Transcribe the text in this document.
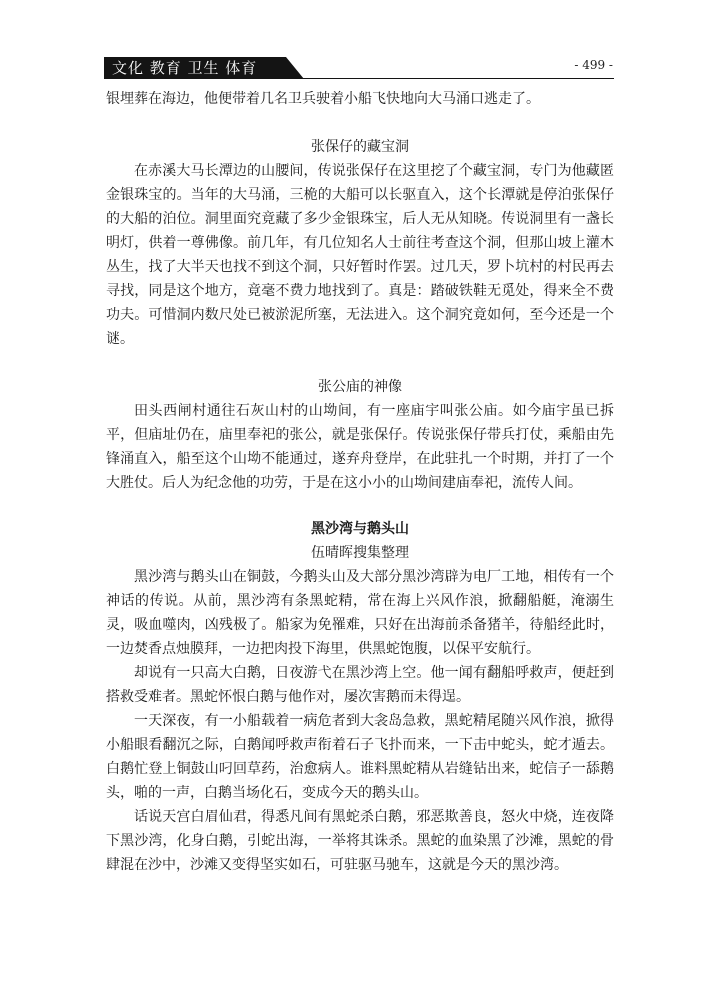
文化 教育 卫生 体育	- 499 -

银埋葬在海边，他便带着几名卫兵驶着小船飞快地向大马涌口逃走了。

张保仔的藏宝洞

在赤溪大马长潭边的山腰间，传说张保仔在这里挖了个藏宝洞，专门为他藏匿金银珠宝的。当年的大马涌，三桅的大船可以长驱直入，这个长潭就是停泊张保仔的大船的泊位。洞里面究竟藏了多少金银珠宝，后人无从知晓。传说洞里有一盏长明灯，供着一尊佛像。前几年，有几位知名人士前往考查这个洞，但那山坡上灌木丛生，找了大半天也找不到这个洞，只好暂时作罢。过几天，罗卜坑村的村民再去寻找，同是这个地方，竟毫不费力地找到了。真是：踏破铁鞋无觅处，得来全不费功夫。可惜洞内数尺处已被淤泥所塞，无法进入。这个洞究竟如何，至今还是一个谜。

张公庙的神像

田头西闸村通往石灰山村的山坳间，有一座庙宇叫张公庙。如今庙宇虽已拆平，但庙址仍在，庙里奉祀的张公，就是张保仔。传说张保仔带兵打仗，乘船由先锋涌直入，船至这个山坳不能通过，遂弃舟登岸，在此驻扎一个时期，并打了一个大胜仗。后人为纪念他的功劳，于是在这小小的山坳间建庙奉祀，流传人间。

黑沙湾与鹅头山

伍晴晖搜集整理

黑沙湾与鹅头山在铜鼓，今鹅头山及大部分黑沙湾辟为电厂工地，相传有一个神话的传说。从前，黑沙湾有条黑蛇精，常在海上兴风作浪，掀翻船艇，淹溺生灵，吸血噬肉，凶残极了。船家为免罹难，只好在出海前杀备猪羊，待船经此时，一边焚香点烛膜拜，一边把肉投下海里，供黑蛇饱腹，以保平安航行。

却说有一只高大白鹅，日夜游弋在黑沙湾上空。他一闻有翻船呼救声，便赶到搭救受难者。黑蛇怀恨白鹅与他作对，屡次害鹅而未得逞。

一天深夜，有一小船载着一病危者到大衾岛急救，黑蛇精尾随兴风作浪，掀得小船眼看翻沉之际，白鹅闻呼救声衔着石子飞扑而来，一下击中蛇头，蛇才遁去。白鹅忙登上铜鼓山叼回草药，治愈病人。谁料黑蛇精从岩缝钻出来，蛇信子一舔鹅头，啪的一声，白鹅当场化石，变成今天的鹅头山。

话说天宫白眉仙君，得悉凡间有黑蛇杀白鹅，邪恶欺善良，怒火中烧，连夜降下黑沙湾，化身白鹅，引蛇出海，一举将其诛杀。黑蛇的血染黑了沙滩，黑蛇的骨肆混在沙中，沙滩又变得坚实如石，可驻驱马驰车，这就是今天的黑沙湾。
